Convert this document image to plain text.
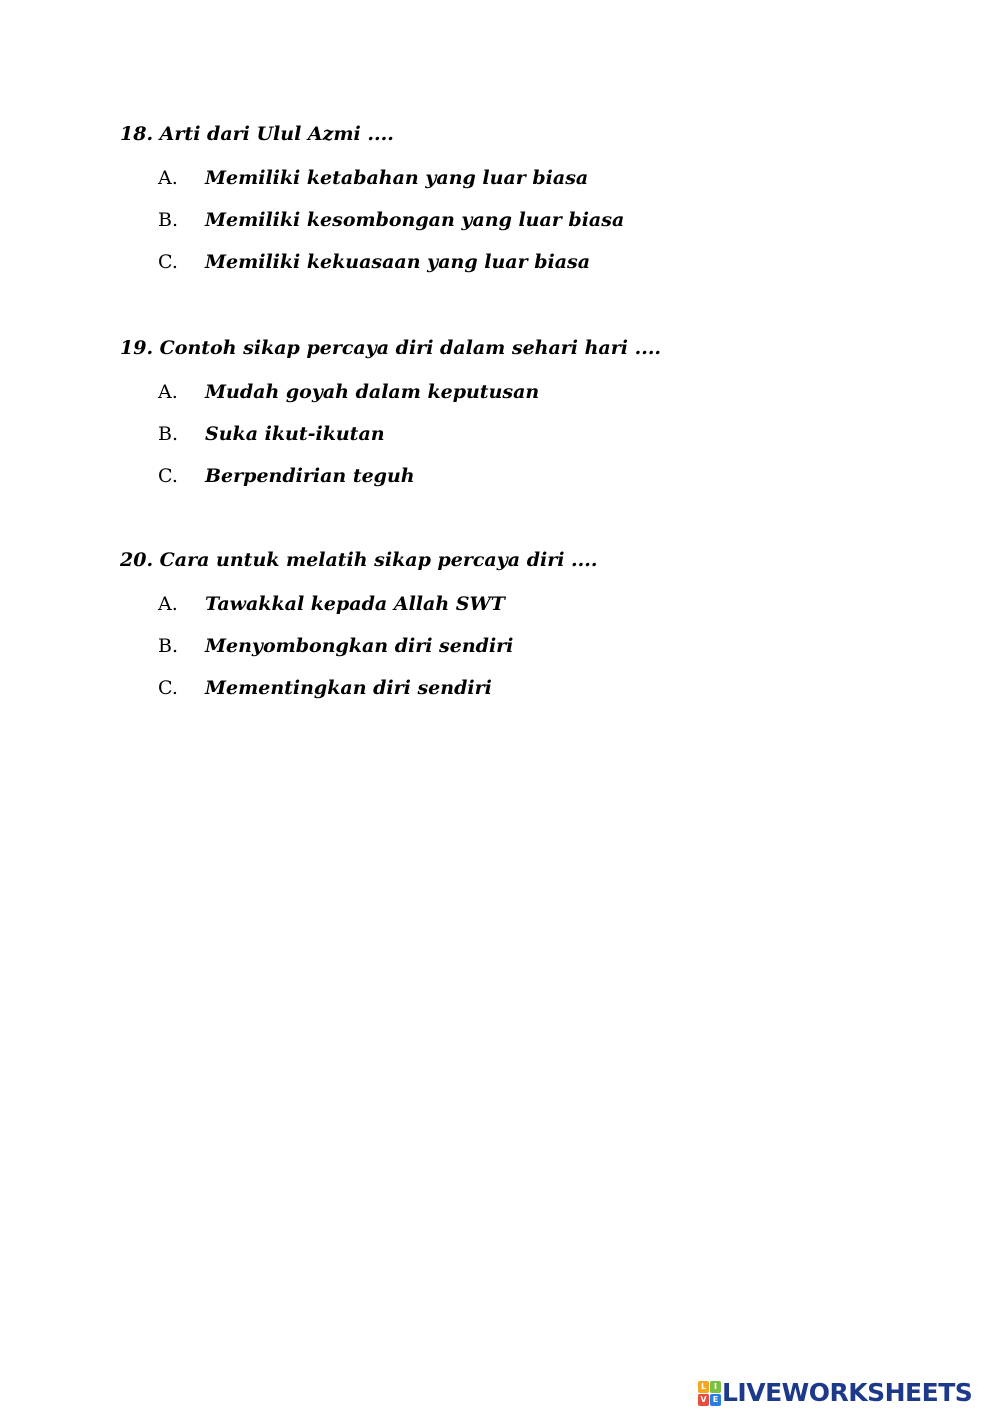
18. Arti dari Ulul Azmi ....
A. Memiliki ketabahan yang luar biasa
B. Memiliki kesombongan yang luar biasa
C. Memiliki kekuasaan yang luar biasa
19. Contoh sikap percaya diri dalam sehari hari ....
A. Mudah goyah dalam keputusan
B. Suka ikut-ikutan
C. Berpendirian teguh
20. Cara untuk melatih sikap percaya diri ....
A. Tawakkal kepada Allah SWT
B. Menyombongkan diri sendiri
C. Mementingkan diri sendiri
L I
V E LIVEWORKSHEETS
